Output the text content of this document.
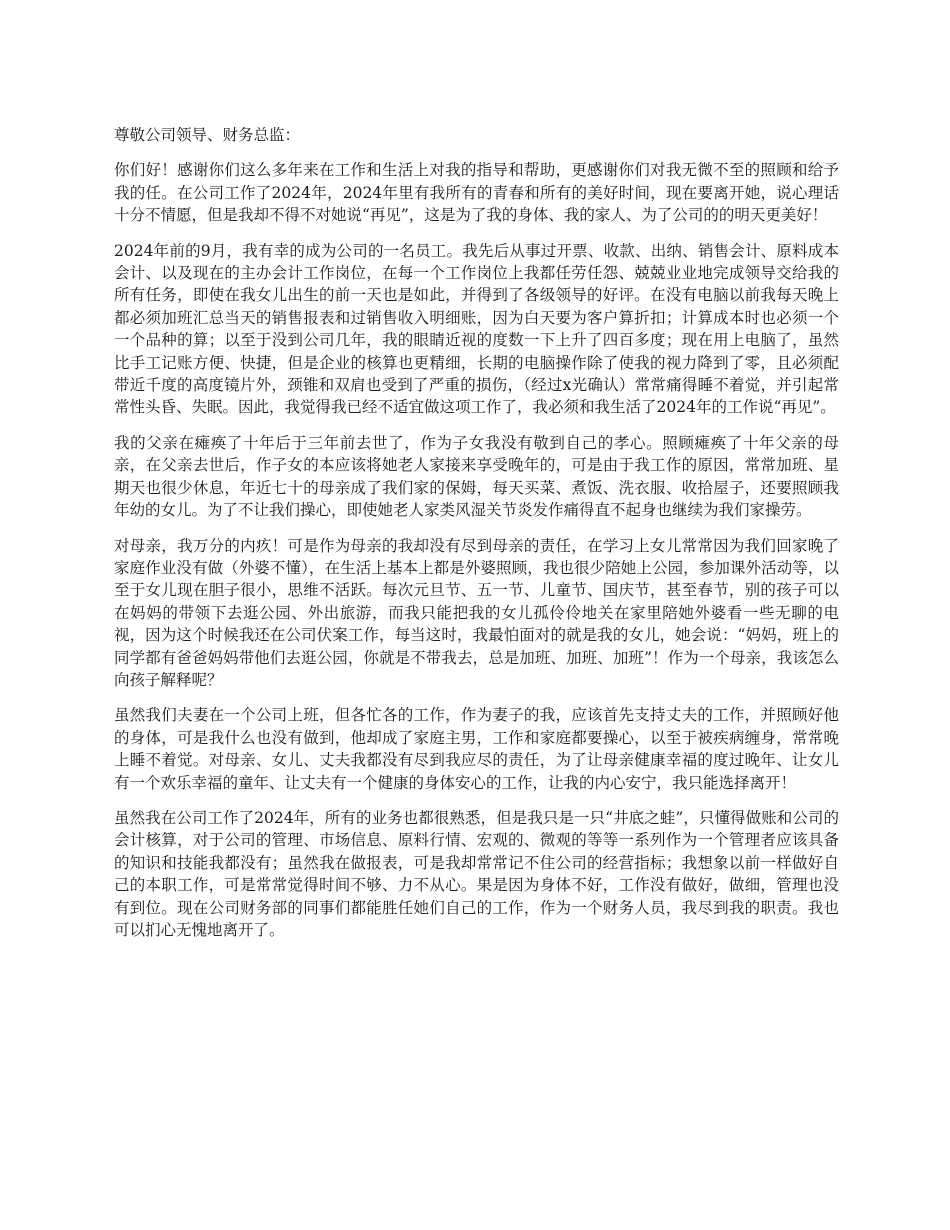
尊敬公司领导、财务总监：

你们好！感谢你们这么多年来在工作和生活上对我的指导和帮助，更感谢你们对我无微不至的照顾和给予我的任。在公司工作了2024年，2024年里有我所有的青春和所有的美好时间，现在要离开她，说心理话十分不情愿，但是我却不得不对她说“再见”，这是为了我的身体、我的家人、为了公司的的明天更美好！

2024年前的9月，我有幸的成为公司的一名员工。我先后从事过开票、收款、出纳、销售会计、原料成本会计、以及现在的主办会计工作岗位，在每一个工作岗位上我都任劳任怨、兢兢业业地完成领导交给我的所有任务，即使在我女儿出生的前一天也是如此，并得到了各级领导的好评。在没有电脑以前我每天晚上都必须加班汇总当天的销售报表和过销售收入明细账，因为白天要为客户算折扣；计算成本时也必须一个一个品种的算；以至于没到公司几年，我的眼睛近视的度数一下上升了四百多度；现在用上电脑了，虽然比手工记账方便、快捷，但是企业的核算也更精细，长期的电脑操作除了使我的视力降到了零，且必须配带近千度的高度镜片外，颈锥和双肩也受到了严重的损伤，（经过x光确认）常常痛得睡不着觉，并引起常常性头昏、失眠。因此，我觉得我已经不适宜做这项工作了，我必须和我生活了2024年的工作说“再见”。

我的父亲在瘫痪了十年后于三年前去世了，作为子女我没有敬到自己的孝心。照顾瘫痪了十年父亲的母亲，在父亲去世后，作子女的本应该将她老人家接来享受晚年的，可是由于我工作的原因，常常加班、星期天也很少休息，年近七十的母亲成了我们家的保姆，每天买菜、煮饭、洗衣服、收拾屋子，还要照顾我年幼的女儿。为了不让我们操心，即使她老人家类风湿关节炎发作痛得直不起身也继续为我们家操劳。

对母亲，我万分的内疚！可是作为母亲的我却没有尽到母亲的责任，在学习上女儿常常因为我们回家晚了家庭作业没有做（外婆不懂），在生活上基本上都是外婆照顾，我也很少陪她上公园，参加课外活动等，以至于女儿现在胆子很小，思维不活跃。每次元旦节、五一节、儿童节、国庆节，甚至春节，别的孩子可以在妈妈的带领下去逛公园、外出旅游，而我只能把我的女儿孤伶伶地关在家里陪她外婆看一些无聊的电视，因为这个时候我还在公司伏案工作，每当这时，我最怕面对的就是我的女儿，她会说：“妈妈，班上的同学都有爸爸妈妈带他们去逛公园，你就是不带我去，总是加班、加班、加班”！作为一个母亲，我该怎么向孩子解释呢？

虽然我们夫妻在一个公司上班，但各忙各的工作，作为妻子的我，应该首先支持丈夫的工作，并照顾好他的身体，可是我什么也没有做到，他却成了家庭主男，工作和家庭都要操心，以至于被疾病缠身，常常晚上睡不着觉。对母亲、女儿、丈夫我都没有尽到我应尽的责任，为了让母亲健康幸福的度过晚年、让女儿有一个欢乐幸福的童年、让丈夫有一个健康的身体安心的工作，让我的内心安宁，我只能选择离开！

虽然我在公司工作了2024年，所有的业务也都很熟悉，但是我只是一只“井底之蛙”，只懂得做账和公司的会计核算，对于公司的管理、市场信息、原料行情、宏观的、微观的等等一系列作为一个管理者应该具备的知识和技能我都没有；虽然我在做报表，可是我却常常记不住公司的经营指标；我想象以前一样做好自己的本职工作，可是常常觉得时间不够、力不从心。果是因为身体不好，工作没有做好，做细，管理也没有到位。现在公司财务部的同事们都能胜任她们自己的工作，作为一个财务人员，我尽到我的职责。我也可以扪心无愧地离开了。
